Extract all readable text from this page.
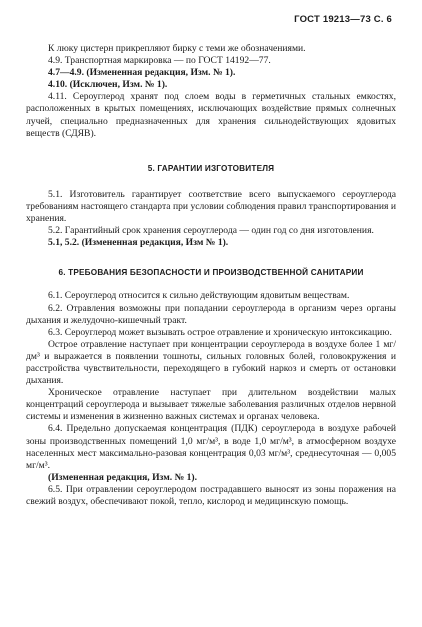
ГОСТ 19213—73 С. 6

К люку цистерн прикрепляют бирку с теми же обозначениями.

4.9. Транспортная маркировка — по ГОСТ 14192—77.

4.7—4.9. (Измененная редакция, Изм. № 1).

4.10. (Исключен, Изм. № 1).

4.11. Сероуглерод хранят под слоем воды в герметичных стальных емкостях, расположенных в крытых помещениях, исключающих воздействие прямых солнечных лучей, специально предназначенных для хранения сильнодействующих ядовитых веществ (СДЯВ).

5. ГАРАНТИИ ИЗГОТОВИТЕЛЯ

5.1. Изготовитель гарантирует соответствие всего выпускаемого сероуглерода требованиям настоящего стандарта при условии соблюдения правил транспортирования и хранения.

5.2. Гарантийный срок хранения сероуглерода — один год со дня изготовления.

5.1, 5.2. (Измененная редакция, Изм № 1).

6. ТРЕБОВАНИЯ БЕЗОПАСНОСТИ И ПРОИЗВОДСТВЕННОЙ САНИТАРИИ

6.1. Сероуглерод относится к сильно действующим ядовитым веществам.

6.2. Отравления возможны при попадании сероуглерода в организм через органы дыхания и желудочно-кишечный тракт.

6.3. Сероуглерод может вызывать острое отравление и хроническую интоксикацию.

Острое отравление наступает при концентрации сероуглерода в воздухе более 1 мг/дм³ и выражается в появлении тошноты, сильных головных болей, головокружения и расстройства чувствительности, переходящего в губокий наркоз и смерть от остановки дыхания.

Хроническое отравление наступает при длительном воздействии малых концентраций сероуглерода и вызывает тяжелые заболевания различных отделов нервной системы и изменения в жизненно важных системах и органах человека.

6.4. Предельно допускаемая концентрация (ПДК) сероуглерода в воздухе рабочей зоны производственных помещений 1,0 мг/м³, в воде 1,0 мг/м³, в атмосферном воздухе населенных мест максимально-разовая концентрация 0,03 мг/м³, среднесуточная — 0,005 мг/м³.

(Измененная редакция, Изм. № 1).

6.5. При отравлении сероуглеродом пострадавшего выносят из зоны поражения на свежий воздух, обеспечивают покой, тепло, кислород и медицинскую помощь.
